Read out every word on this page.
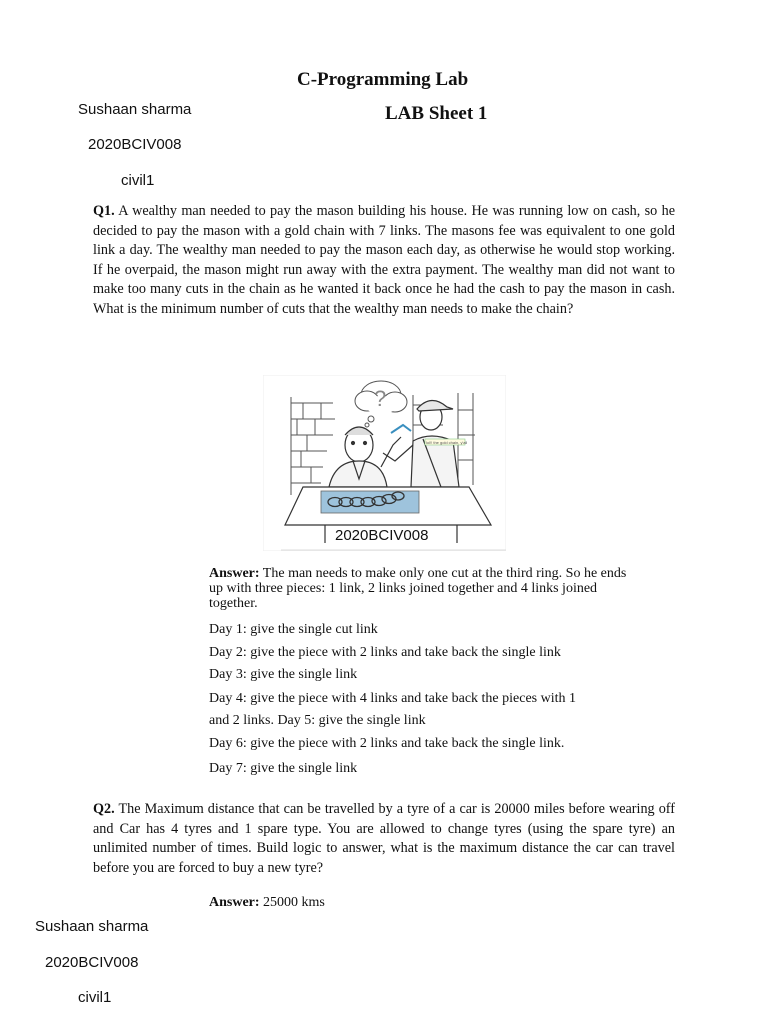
C-Programming Lab
LAB Sheet 1
Sushaan sharma
2020BCIV008
civil1
Q1. A wealthy man needed to pay the mason building his house. He was running low on cash, so he decided to pay the mason with a gold chain with 7 links. The masons fee was equivalent to one gold link a day. The wealthy man needed to pay the mason each day, as otherwise he would stop working. If he overpaid, the mason might run away with the extra payment. The wealthy man did not want to make too many cuts in the chain as he wanted it back once he had the cash to pay the mason in cash. What is the minimum number of cuts that the wealthy man needs to make the chain?
?
lol!! the gold chain, y'all
2020BCIV008
Answer: The man needs to make only one cut at the third ring. So he ends up with three pieces: 1 link, 2 links joined together and 4 links joined together.
Day 1: give the single cut link
Day 2: give the piece with 2 links and take back the single link
Day 3: give the single link
Day 4: give the piece with 4 links and take back the pieces with 1
and 2 links. Day 5: give the single link
Day 6: give the piece with 2 links and take back the single link.
Day 7: give the single link
Q2. The Maximum distance that can be travelled by a tyre of a car is 20000 miles before wearing off and Car has 4 tyres and 1 spare type. You are allowed to change tyres (using the spare tyre) an unlimited number of times. Build logic to answer, what is the maximum distance the car can travel before you are forced to buy a new tyre?
Answer: 25000 kms
Sushaan sharma
2020BCIV008
civil1
